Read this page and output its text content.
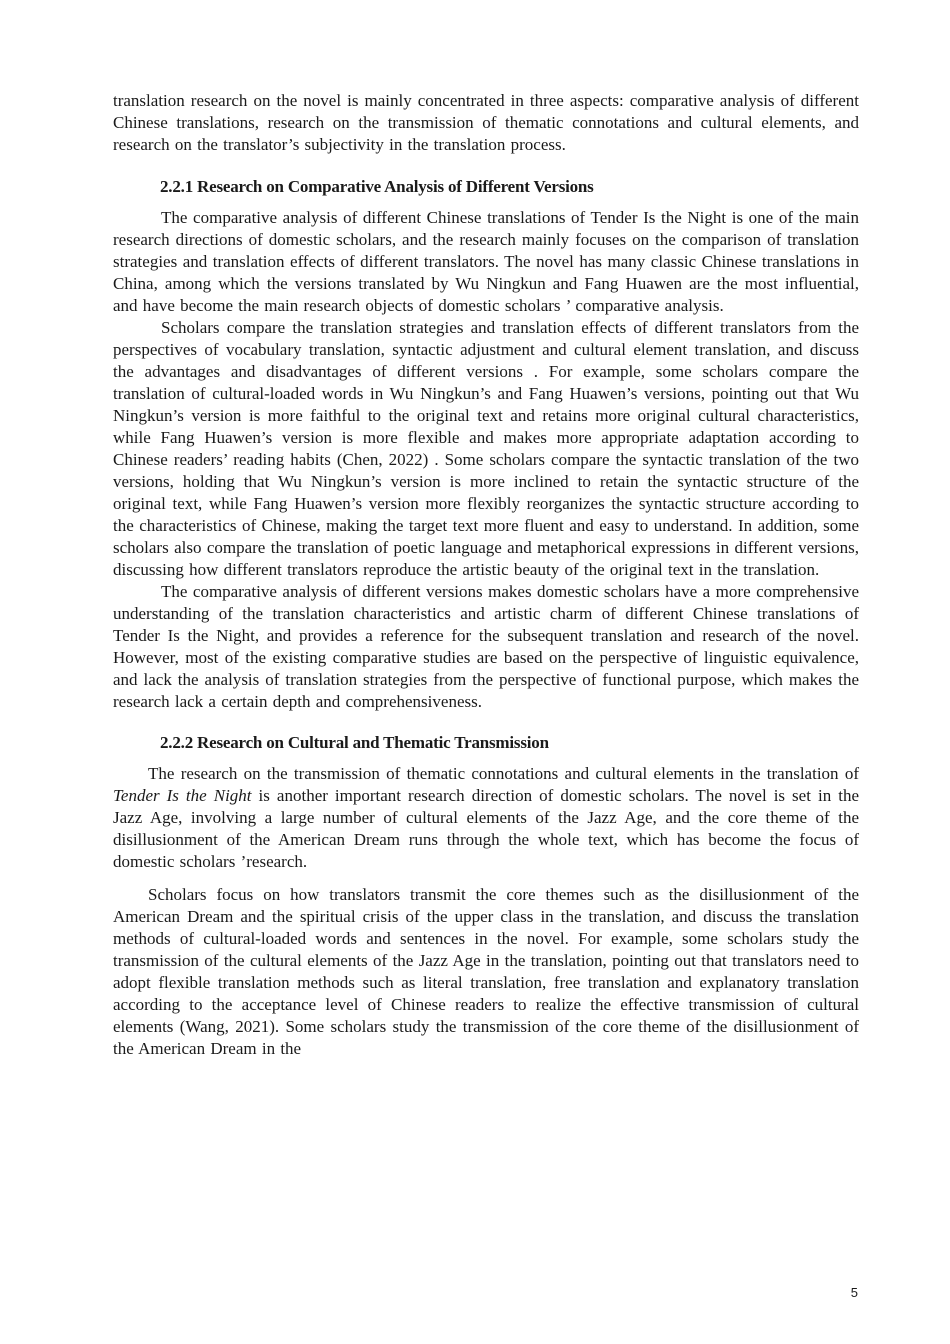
translation research on the novel is mainly concentrated in three aspects: comparative analysis of different Chinese translations, research on the transmission of thematic connotations and cultural elements, and research on the translator’s subjectivity in the translation process.

2.2.1 Research on Comparative Analysis of Different Versions

The comparative analysis of different Chinese translations of Tender Is the Night is one of the main research directions of domestic scholars, and the research mainly focuses on the comparison of translation strategies and translation effects of different translators. The novel has many classic Chinese translations in China, among which the versions translated by Wu Ningkun and Fang Huawen are the most influential, and have become the main research objects of domestic scholars ’ comparative analysis.

Scholars compare the translation strategies and translation effects of different translators from the perspectives of vocabulary translation, syntactic adjustment and cultural element translation, and discuss the advantages and disadvantages of different versions . For example, some scholars compare the translation of cultural-loaded words in Wu Ningkun’s and Fang Huawen’s versions, pointing out that Wu Ningkun’s version is more faithful to the original text and retains more original cultural characteristics, while Fang Huawen’s version is more flexible and makes more appropriate adaptation according to Chinese readers’ reading habits (Chen, 2022) . Some scholars compare the syntactic translation of the two versions, holding that Wu Ningkun’s version is more inclined to retain the syntactic structure of the original text, while Fang Huawen’s version more flexibly reorganizes the syntactic structure according to the characteristics of Chinese, making the target text more fluent and easy to understand. In addition, some scholars also compare the translation of poetic language and metaphorical expressions in different versions, discussing how different translators reproduce the artistic beauty of the original text in the translation.

The comparative analysis of different versions makes domestic scholars have a more comprehensive understanding of the translation characteristics and artistic charm of different Chinese translations of Tender Is the Night, and provides a reference for the subsequent translation and research of the novel. However, most of the existing comparative studies are based on the perspective of linguistic equivalence, and lack the analysis of translation strategies from the perspective of functional purpose, which makes the research lack a certain depth and comprehensiveness.

2.2.2 Research on Cultural and Thematic Transmission

The research on the transmission of thematic connotations and cultural elements in the translation of Tender Is the Night is another important research direction of domestic scholars. The novel is set in the Jazz Age, involving a large number of cultural elements of the Jazz Age, and the core theme of the disillusionment of the American Dream runs through the whole text, which has become the focus of domestic scholars ’research.

Scholars focus on how translators transmit the core themes such as the disillusionment of the American Dream and the spiritual crisis of the upper class in the translation, and discuss the translation methods of cultural-loaded words and sentences in the novel. For example, some scholars study the transmission of the cultural elements of the Jazz Age in the translation, pointing out that translators need to adopt flexible translation methods such as literal translation, free translation and explanatory translation according to the acceptance level of Chinese readers to realize the effective transmission of cultural elements (Wang, 2021). Some scholars study the transmission of the core theme of the disillusionment of the American Dream in the

5
